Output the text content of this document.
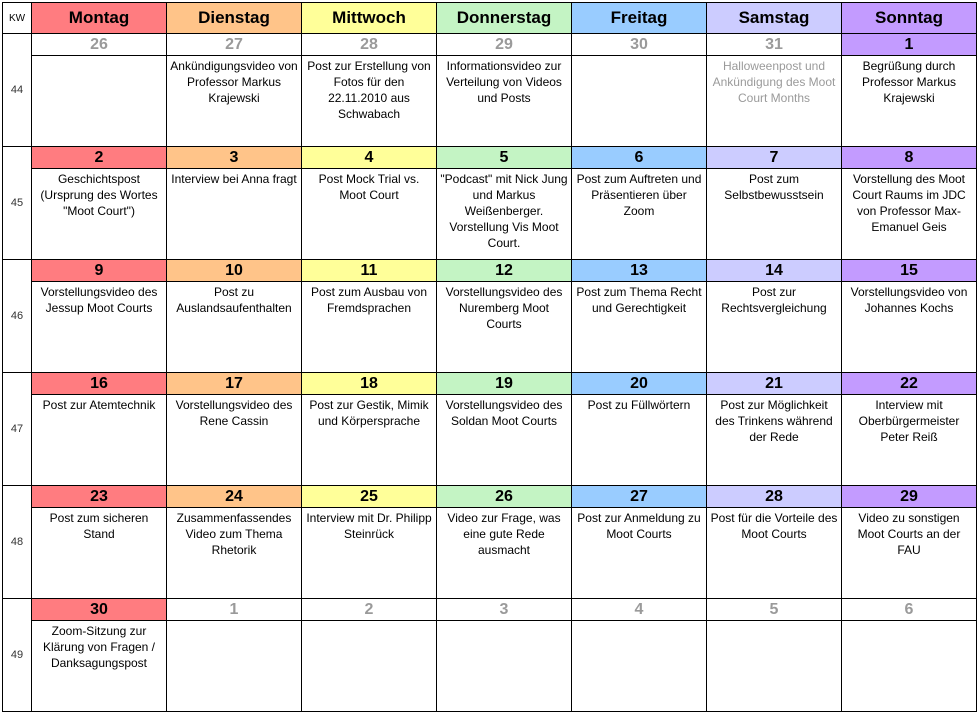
KW	Montag	Dienstag	Mittwoch	Donnerstag	Freitag	Samstag	Sonntag
44	26	27	28	29	30	31	1
		Ankündigungsvideo von Professor Markus Krajewski	Post zur Erstellung von Fotos für den 22.11.2010 aus Schwabach	Informationsvideo zur Verteilung von Videos und Posts		Halloweenpost und Ankündigung des Moot Court Months	Begrüßung durch Professor Markus Krajewski
45	2	3	4	5	6	7	8
	Geschichtspost (Ursprung des Wortes "Moot Court")	Interview bei Anna fragt	Post Mock Trial vs. Moot Court	"Podcast" mit Nick Jung und Markus Weißenberger. Vorstellung Vis Moot Court.	Post zum Auftreten und Präsentieren über Zoom	Post zum Selbstbewusstsein	Vorstellung des Moot Court Raums im JDC von Professor Max-Emanuel Geis
46	9	10	11	12	13	14	15
	Vorstellungsvideo des Jessup Moot Courts	Post zu Auslandsaufenthalten	Post zum Ausbau von Fremdsprachen	Vorstellungsvideo des Nuremberg Moot Courts	Post zum Thema Recht und Gerechtigkeit	Post zur Rechtsvergleichung	Vorstellungsvideo von Johannes Kochs
47	16	17	18	19	20	21	22
	Post zur Atemtechnik	Vorstellungsvideo des Rene Cassin	Post zur Gestik, Mimik und Körpersprache	Vorstellungsvideo des Soldan Moot Courts	Post zu Füllwörtern	Post zur Möglichkeit des Trinkens während der Rede	Interview mit Oberbürgermeister Peter Reiß
48	23	24	25	26	27	28	29
	Post zum sicheren Stand	Zusammenfassendes Video zum Thema Rhetorik	Interview mit Dr. Philipp Steinrück	Video zur Frage, was eine gute Rede ausmacht	Post zur Anmeldung zu Moot Courts	Post für die Vorteile des Moot Courts	Video zu sonstigen Moot Courts an der FAU
49	30	1	2	3	4	5	6
	Zoom-Sitzung zur Klärung von Fragen / Danksagungspost						
